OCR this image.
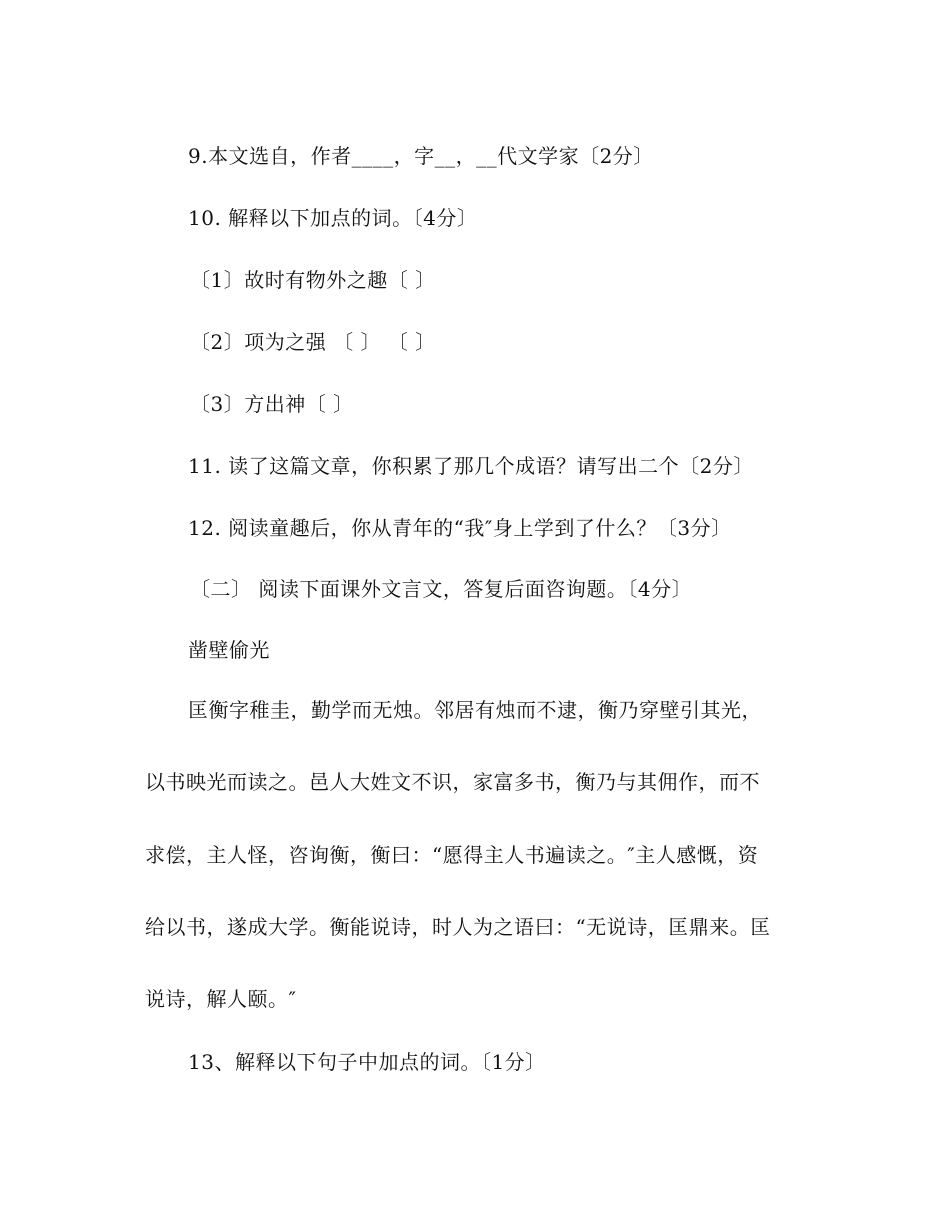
9.本文选自，作者____，字__，__代文学家〔2分〕
10. 解释以下加点的词。〔4分〕
〔1〕故时有物外之趣〔 〕
〔2〕项为之强 〔 〕 〔 〕
〔3〕方出神〔 〕
11. 读了这篇文章，你积累了那几个成语？请写出二个〔2分〕
12. 阅读童趣后，你从青年的“我″身上学到了什么？〔3分〕
〔二〕 阅读下面课外文言文，答复后面咨询题。〔4分〕
凿壁偷光
匡衡字稚圭，勤学而无烛。邻居有烛而不逮，衡乃穿壁引其光，
以书映光而读之。邑人大姓文不识，家富多书，衡乃与其佣作，而不
求偿，主人怪，咨询衡，衡曰：“愿得主人书遍读之。″主人感慨，资
给以书，遂成大学。衡能说诗，时人为之语曰：“无说诗，匡鼎来。匡
说诗，解人颐。″
13、解释以下句子中加点的词。〔1分〕
